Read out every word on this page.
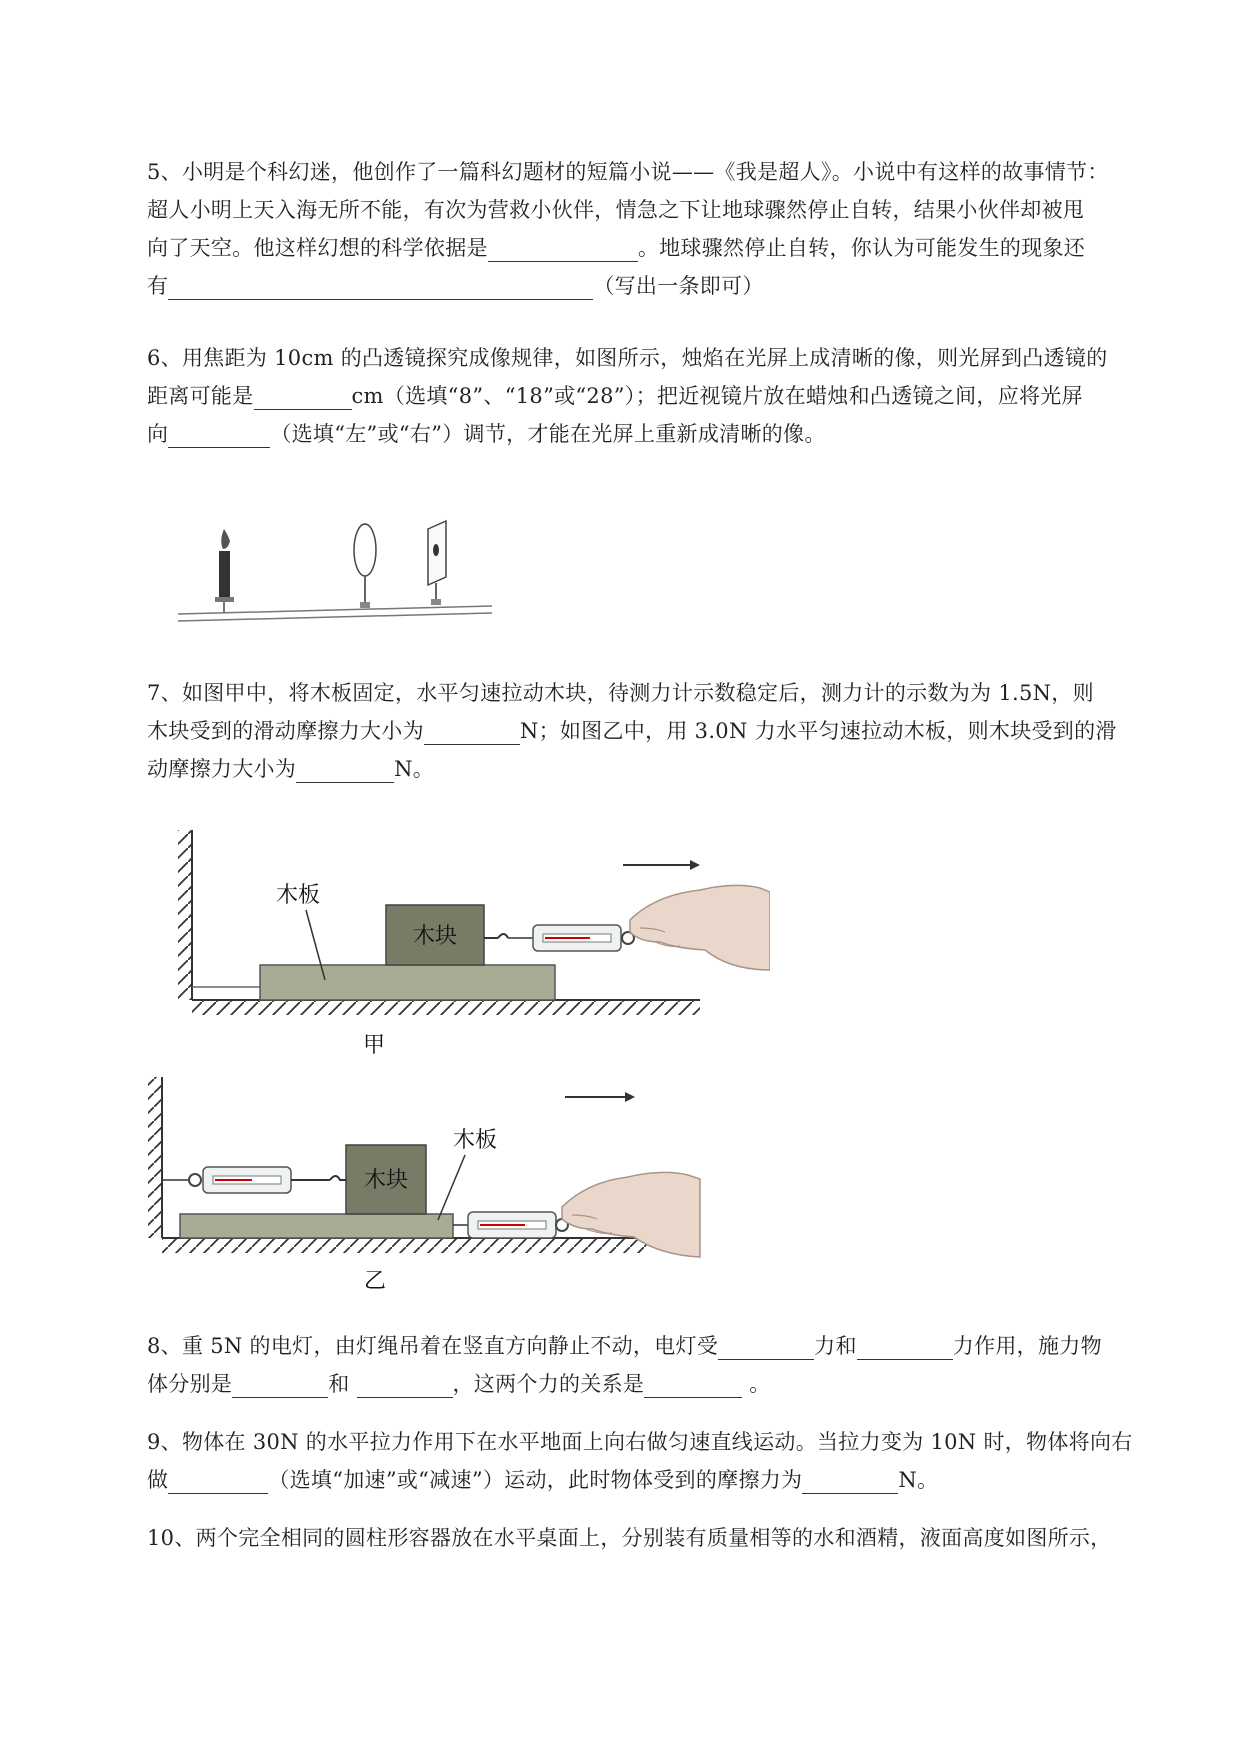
5、小明是个科幻迷，他创作了一篇科幻题材的短篇小说——《我是超人》。小说中有这样的故事情节：
超人小明上天入海无所不能，有次为营救小伙伴，情急之下让地球骤然停止自转，结果小伙伴却被甩
向了天空。他这样幻想的科学依据是	。地球骤然停止自转，你认为可能发生的现象还
有	（写出一条即可）
6、用焦距为 10cm 的凸透镜探究成像规律，如图所示，烛焰在光屏上成清晰的像，则光屏到凸透镜的
距离可能是	cm（选填“8”、“18”或“28”）；把近视镜片放在蜡烛和凸透镜之间，应将光屏
向	（选填“左”或“右”）调节，才能在光屏上重新成清晰的像。
7、如图甲中，将木板固定，水平匀速拉动木块，待测力计示数稳定后，测力计的示数为为 1.5N，则
木块受到的滑动摩擦力大小为	N；如图乙中，用 3.0N 力水平匀速拉动木板，则木块受到的滑
动摩擦力大小为	N。
木块
木板
甲
木块
木板
乙
8、重 5N 的电灯，由灯绳吊着在竖直方向静止不动，电灯受	力和	力作用，施力物
体分别是	和	，这两个力的关系是	。
9、物体在 30N 的水平拉力作用下在水平地面上向右做匀速直线运动。当拉力变为 10N 时，物体将向右
做	（选填“加速”或“减速”）运动，此时物体受到的摩擦力为	N。
10、两个完全相同的圆柱形容器放在水平桌面上，分别装有质量相等的水和酒精，液面高度如图所示，
